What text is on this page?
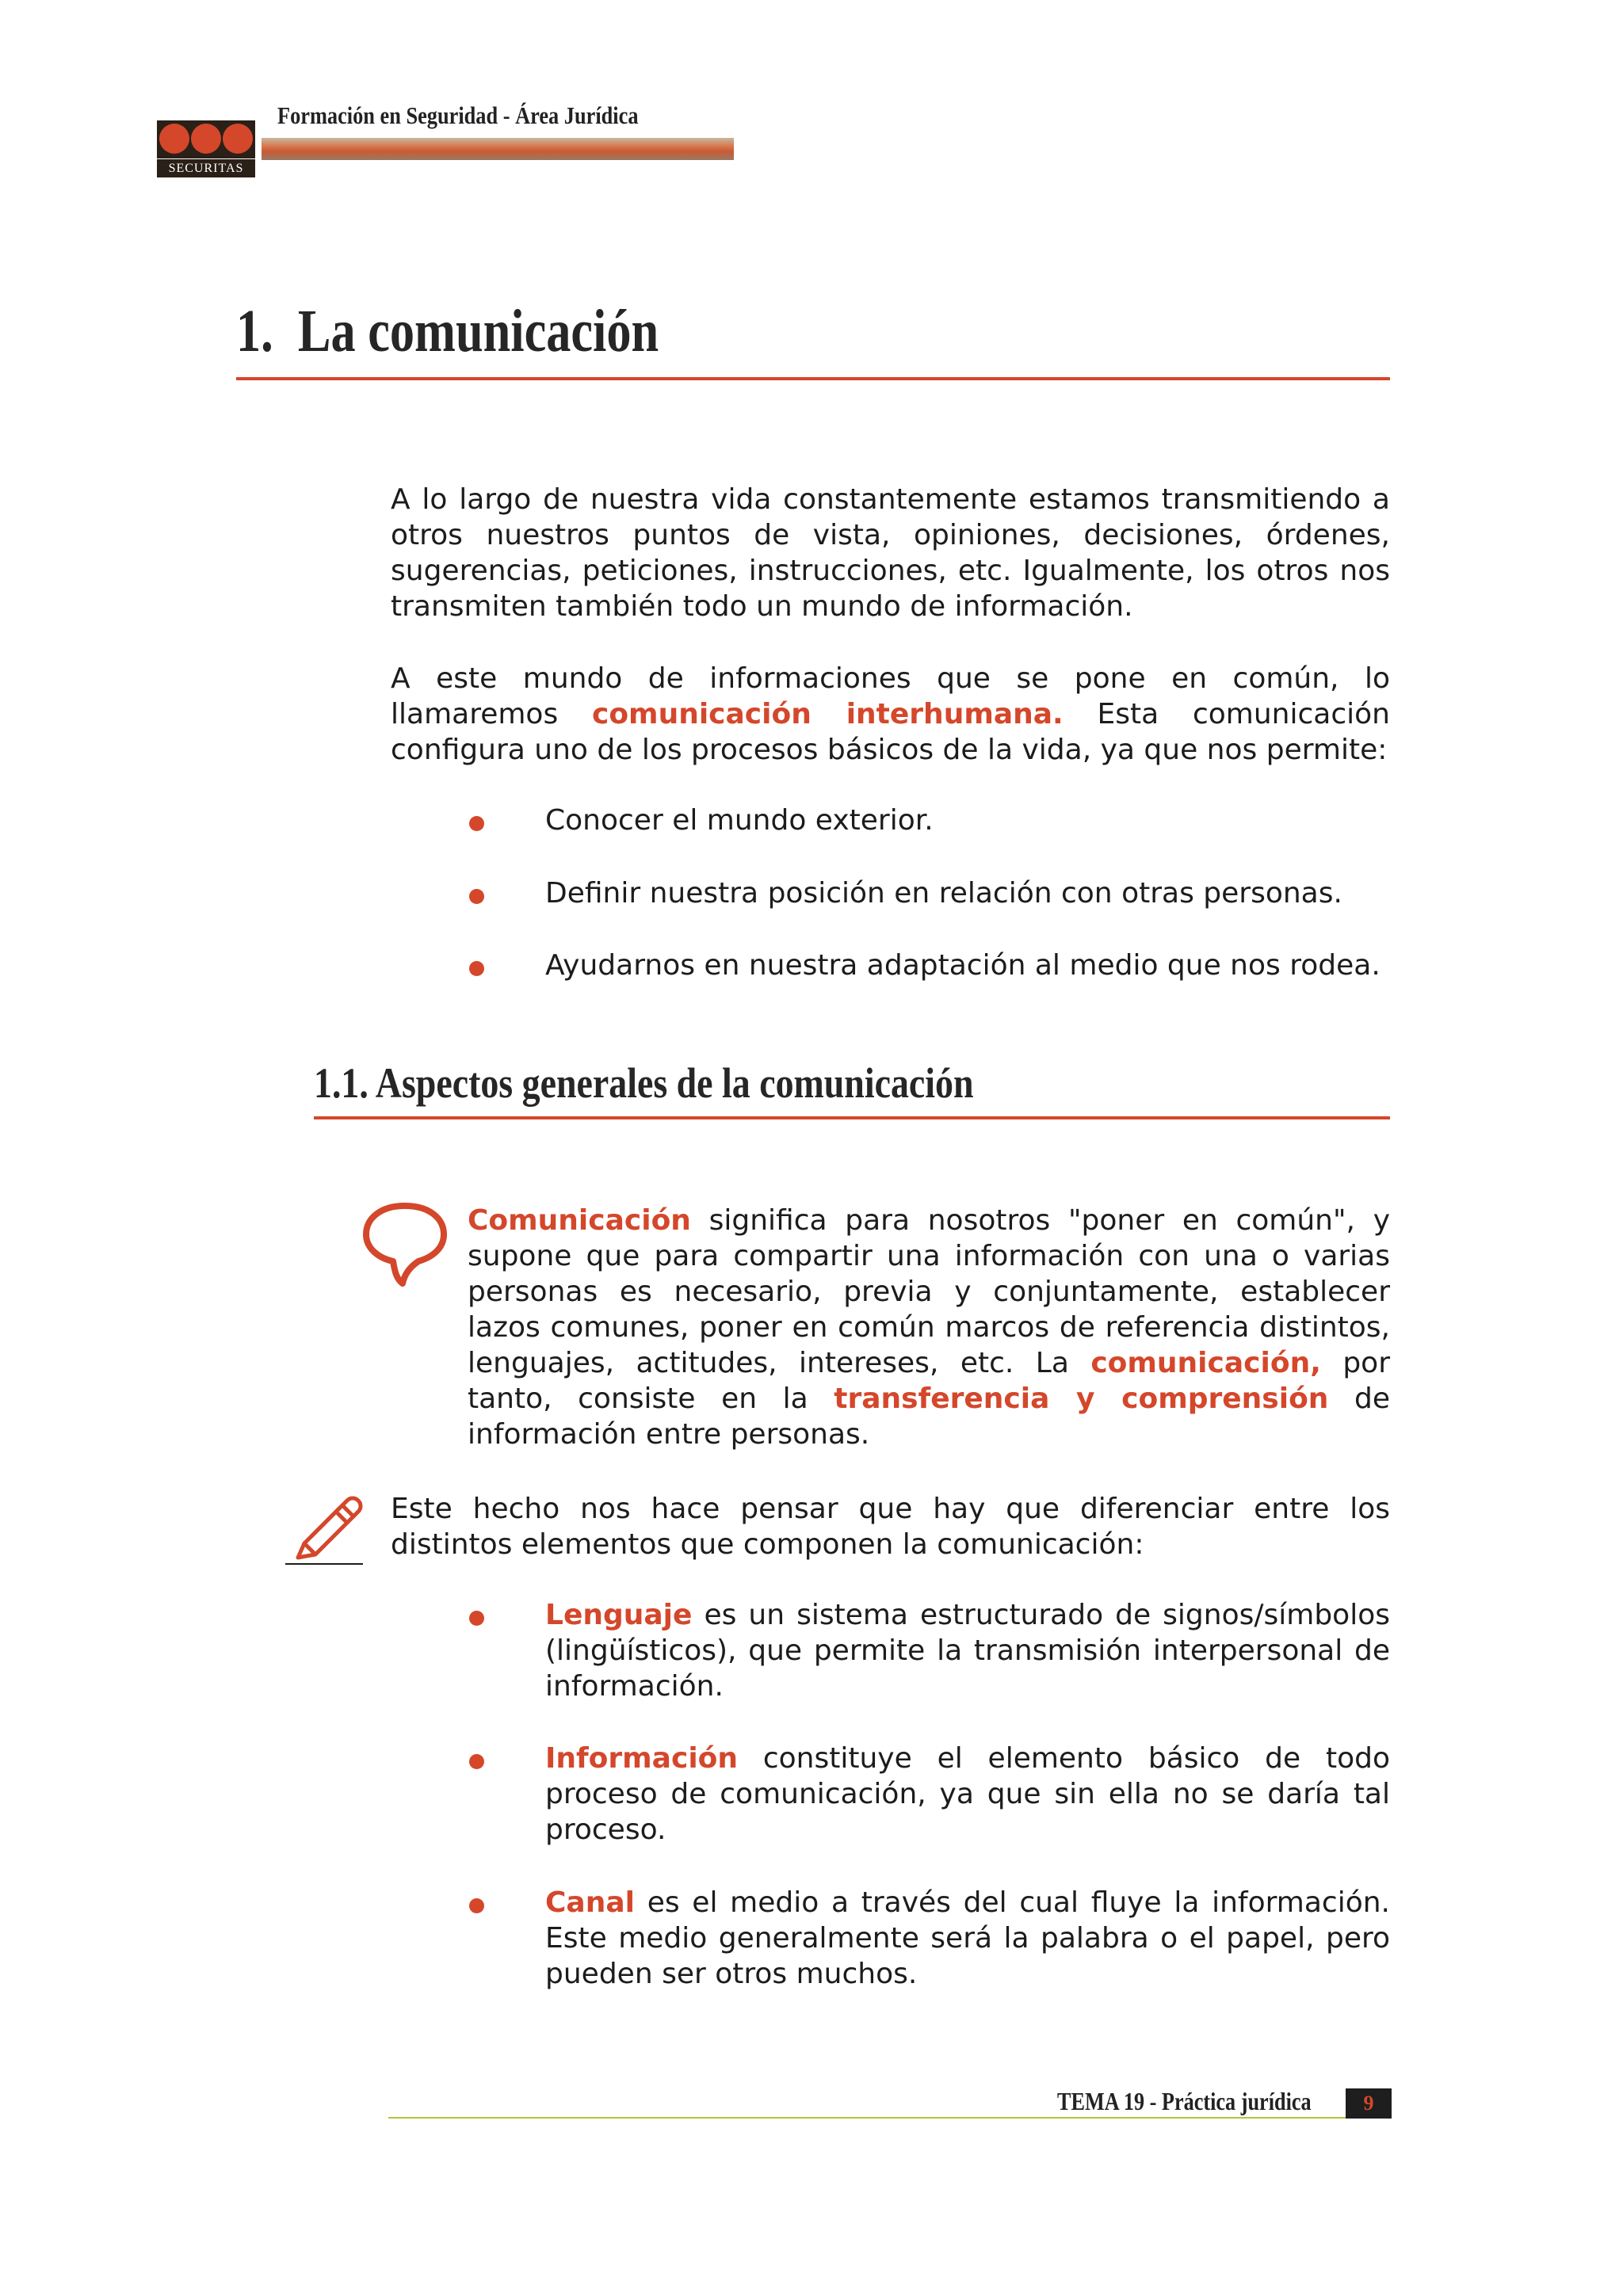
SECURITAS
Formación en Seguridad - Área Jurídica
1. La comunicación

A lo largo de nuestra vida constantemente estamos transmitiendo a otros nuestros puntos de vista, opiniones, decisiones, órdenes, sugerencias, peticiones, instrucciones, etc. Igualmente, los otros nos transmiten también todo un mundo de información.

A este mundo de informaciones que se pone en común, lo llamaremos comunicación interhumana. Esta comunicación configura uno de los procesos básicos de la vida, ya que nos permite:

Conocer el mundo exterior.
Definir nuestra posición en relación con otras personas.
Ayudarnos en nuestra adaptación al medio que nos rodea.
1.1. Aspectos generales de la comunicación

Comunicación significa para nosotros "poner en común", y supone que para compartir una información con una o varias personas es necesario, previa y conjuntamente, establecer lazos comunes, poner en común marcos de referencia distintos, lenguajes, actitudes, intereses, etc. La comunicación, por tanto, consiste en la transferencia y comprensión de información entre personas.

Este hecho nos hace pensar que hay que diferenciar entre los distintos elementos que componen la comunicación:

Lenguaje es un sistema estructurado de signos/símbolos (lingüísticos), que permite la transmisión interpersonal de información.

Información constituye el elemento básico de todo proceso de comunicación, ya que sin ella no se daría tal proceso.

Canal es el medio a través del cual fluye la información. Este medio generalmente será la palabra o el papel, pero pueden ser otros muchos.

TEMA 19 - Práctica jurídica	9
